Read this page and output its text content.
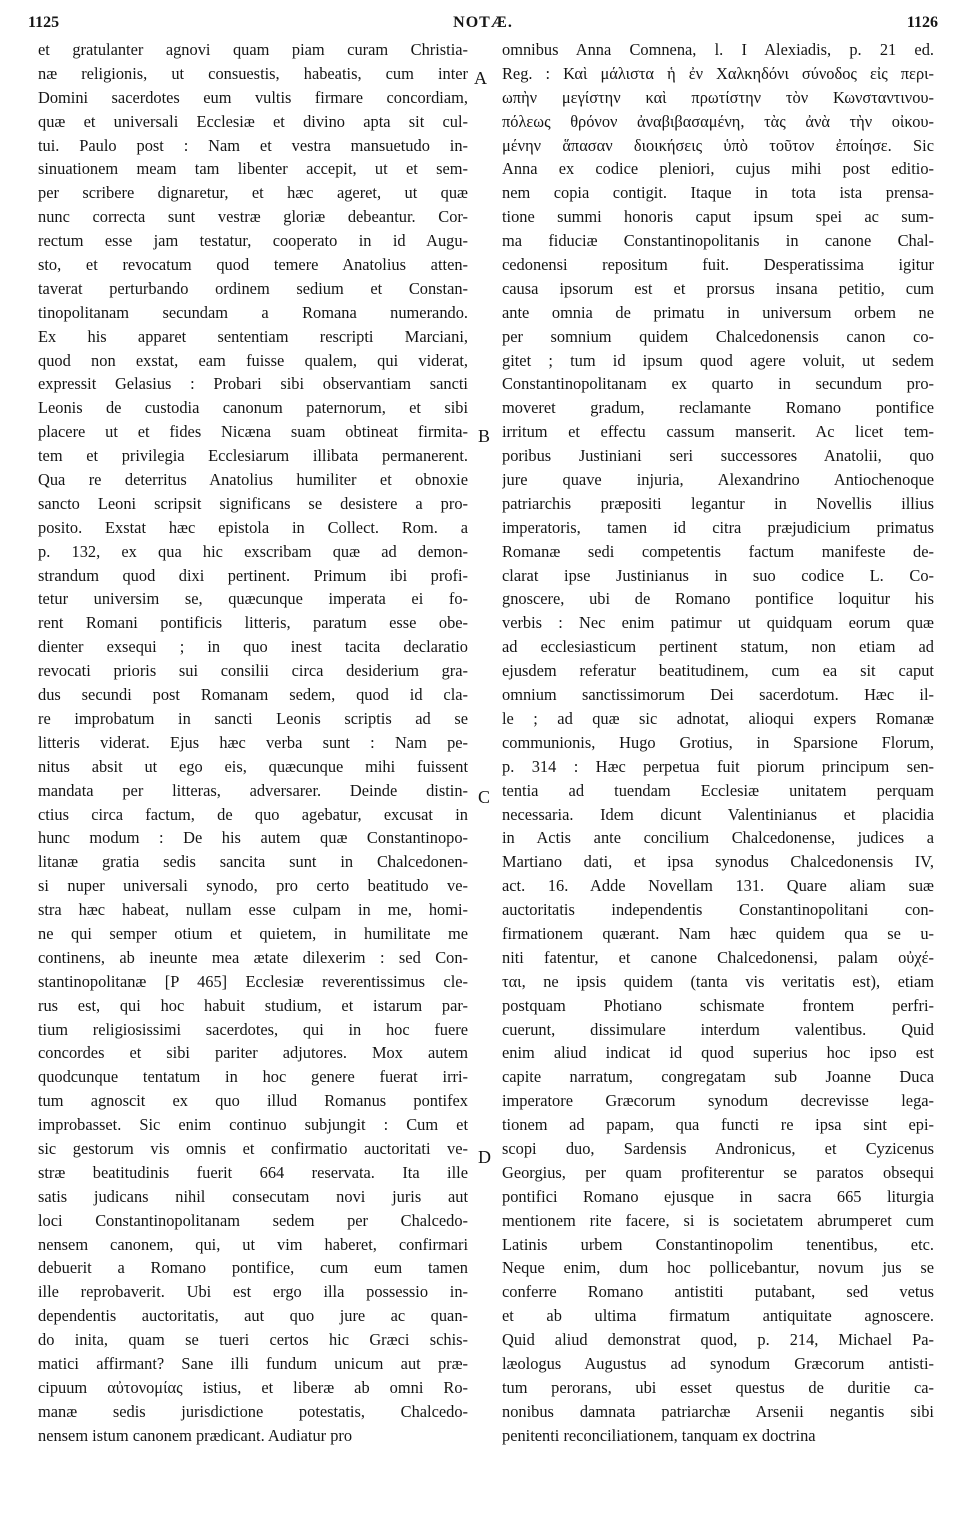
1125	NOTÆ.	1126
et gratulanter agnovi quam piam curam Christia-
næ religionis, ut consuestis, habeatis, cum inter
Domini sacerdotes eum vultis firmare concordiam,
quæ et universali Ecclesiæ et divino apta sit cul-
tui. Paulo post : Nam et vestra mansuetudo in-
sinuationem meam tam libenter accepit, ut et sem-
per scribere dignaretur, et hæc ageret, ut quæ
nunc correcta sunt vestræ gloriæ debeantur. Cor-
rectum esse jam testatur, cooperato in id Augu-
sto, et revocatum quod temere Anatolius atten-
taverat perturbando ordinem sedium et Constan-
tinopolitanam secundam a Romana numerando.
Ex his apparet sententiam rescripti Marciani,
quod non exstat, eam fuisse qualem, qui viderat,
expressit Gelasius : Probari sibi observantiam sancti
Leonis de custodia canonum paternorum, et sibi
placere ut et fides Nicæna suam obtineat firmita-
tem et privilegia Ecclesiarum illibata permanerent.
Qua re deterritus Anatolius humiliter et obnoxie
sancto Leoni scripsit significans se desistere a pro-
posito. Exstat hæc epistola in Collect. Rom. a
p. 132, ex qua hic exscribam quæ ad demon-
strandum quod dixi pertinent. Primum ibi profi-
tetur universim se, quæcunque imperata ei fo-
rent Romani pontificis litteris, paratum esse obe-
dienter exsequi ; in quo inest tacita declaratio
revocati prioris sui consilii circa desiderium gra-
dus secundi post Romanam sedem, quod id cla-
re improbatum in sancti Leonis scriptis ad se
litteris viderat. Ejus hæc verba sunt : Nam pe-
nitus absit ut ego eis, quæcunque mihi fuissent
mandata per litteras, adversarer. Deinde distin-
ctius circa factum, de quo agebatur, excusat in
hunc modum : De his autem quæ Constantinopo-
litanæ gratia sedis sancita sunt in Chalcedonen-
si nuper universali synodo, pro certo beatitudo ve-
stra hæc habeat, nullam esse culpam in me, homi-
ne qui semper otium et quietem, in humilitate me
continens, ab ineunte mea ætate dilexerim : sed Con-
stantinopolitanæ [P 465] Ecclesiæ reverentissimus cle-
rus est, qui hoc habuit studium, et istarum par-
tium religiosissimi sacerdotes, qui in hoc fuere
concordes et sibi pariter adjutores. Mox autem
quodcunque tentatum in hoc genere fuerat irri-
tum agnoscit ex quo illud Romanus pontifex
improbasset. Sic enim continuo subjungit : Cum et
sic gestorum vis omnis et confirmatio auctoritati ve-
stræ beatitudinis fuerit 664 reservata. Ita ille
satis judicans nihil consecutam novi juris aut
loci Constantinopolitanam sedem per Chalcedo-
nensem canonem, qui, ut vim haberet, confirmari
debuerit a Romano pontifice, cum eum tamen
ille reprobaverit. Ubi est ergo illa possessio in-
dependentis auctoritatis, aut quo jure ac quan-
do inita, quam se tueri certos hic Græci schis-
matici affirmant? Sane illi fundum unicum aut præ-
cipuum αὐτονομίας istius, et liberæ ab omni Ro-
manæ sedis jurisdictione potestatis, Chalcedo-
nensem istum canonem prædicant. Audiatur pro
omnibus Anna Comnena, l. I Alexiadis, p. 21 ed.
Reg. : Καὶ μάλιστα ἡ ἐν Χαλκηδόνι σύνοδος εἰς περι-
ωπὴν μεγίστην καὶ πρωτίστην τὸν Κωνσταντινου-
πόλεως θρόνον ἀναβιβασαμένη, τὰς ἀνὰ τὴν οἰκου-
μένην ἅπασαν διοικήσεις ὑπὸ τοῦτον ἐποίησε. Sic
Anna ex codice pleniori, cujus mihi post editio-
nem copia contigit. Itaque in tota ista prensa-
tione summi honoris caput ipsum spei ac sum-
ma fiduciæ Constantinopolitanis in canone Chal-
cedonensi repositum fuit. Desperatissima igitur
causa ipsorum est et prorsus insana petitio, cum
ante omnia de primatu in universum orbem ne
per somnium quidem Chalcedonensis canon co-
gitet ; tum id ipsum quod agere voluit, ut sedem
Constantinopolitanam ex quarto in secundum pro-
moveret gradum, reclamante Romano pontifice
irritum et effectu cassum manserit. Ac licet tem-
poribus Justiniani seri successores Anatolii, quo
jure quave injuria, Alexandrino Antiochenoque
patriarchis præpositi legantur in Novellis illius
imperatoris, tamen id citra præjudicium primatus
Romanæ sedi competentis factum manifeste de-
clarat ipse Justinianus in suo codice L. Co-
gnoscere, ubi de Romano pontifice loquitur his
verbis : Nec enim patimur ut quidquam eorum quæ
ad ecclesiasticum pertinent statum, non etiam ad
ejusdem referatur beatitudinem, cum ea sit caput
omnium sanctissimorum Dei sacerdotum. Hæc il-
le ; ad quæ sic adnotat, alioqui expers Romanæ
communionis, Hugo Grotius, in Sparsione Florum,
p. 314 : Hæc perpetua fuit piorum principum sen-
tentia ad tuendam Ecclesiæ unitatem perquam
necessaria. Idem dicunt Valentinianus et placidia
in Actis ante concilium Chalcedonense, judices a
Martiano dati, et ipsa synodus Chalcedonensis IV,
act. 16. Adde Novellam 131. Quare aliam suæ
auctoritatis independentis Constantinopolitani con-
firmationem quærant. Nam hæc quidem qua se u-
niti fatentur, et canone Chalcedonensi, palam οὐχέ-
ται, ne ipsis quidem (tanta vis veritatis est), etiam
postquam Photiano schismate frontem perfri-
cuerunt, dissimulare interdum valentibus. Quid
enim aliud indicat id quod superius hoc ipso est
capite narratum, congregatam sub Joanne Duca
imperatore Græcorum synodum decrevisse lega-
tionem ad papam, qua functi re ipsa sint epi-
scopi duo, Sardensis Andronicus, et Cyzicenus
Georgius, per quam profiterentur se paratos obsequi
pontifici Romano ejusque in sacra 665 liturgia
mentionem rite facere, si is societatem abrumperet cum
Latinis urbem Constantinopolim tenentibus, etc.
Neque enim, dum hoc pollicebantur, novum jus se
conferre Romano antistiti putabant, sed vetus
et ab ultima firmatum antiquitate agnoscere.
Quid aliud demonstrat quod, p. 214, Michael Pa-
læologus Augustus ad synodum Græcorum antisti-
tum perorans, ubi esset questus de duritie ca-
nonibus damnata patriarchæ Arsenii negantis sibi
penitenti reconciliationem, tanquam ex doctrina
A
B
C
D
